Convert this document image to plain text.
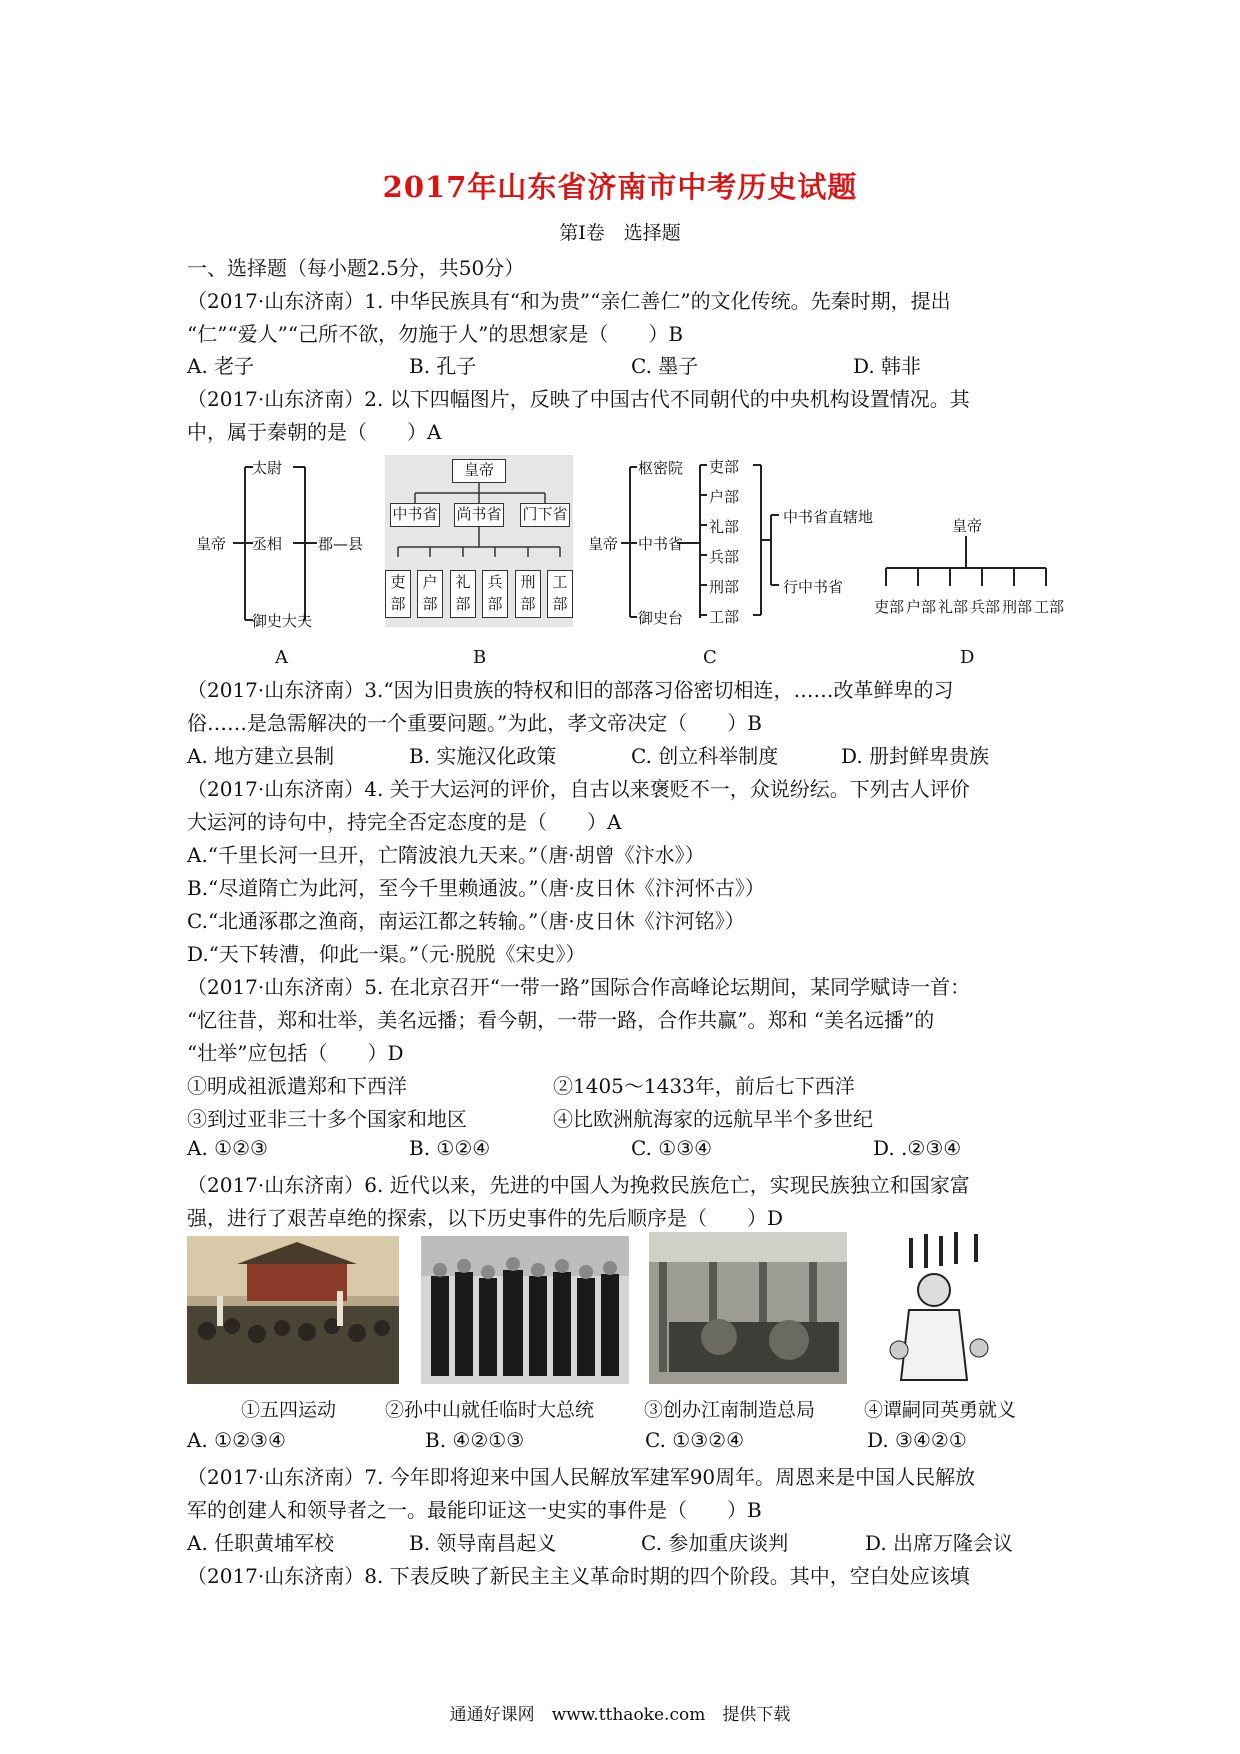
2017年山东省济南市中考历史试题
第Ⅰ卷　选择题
一、选择题（每小题2.5分，共50分）
（2017·山东济南）1. 中华民族具有“和为贵”“亲仁善仁”的文化传统。先秦时期，提出
“仁”“爱人”“己所不欲，勿施于人”的思想家是（　　）B
A. 老子	B. 孔子	C. 墨子	D. 韩非
（2017·山东济南）2. 以下四幅图片，反映了中国古代不同朝代的中央机构设置情况。其
中，属于秦朝的是（　　）A
皇帝
太尉
丞相
御史大夫
郡—县
A
皇帝
中书省 尚书省 门下省
吏部
户部
礼部
兵部
刑部
工部
B
皇帝
枢密院
中书省
御史台
吏部
户部
礼部
兵部
刑部
工部
中书省直辖地
行中书省
C
皇帝
吏部 户部 礼部 兵部 刑部 工部
D
（2017·山东济南）3.“因为旧贵族的特权和旧的部落习俗密切相连，……改革鲜卑的习
俗……是急需解决的一个重要问题。”为此，孝文帝决定（　　）B
A. 地方建立县制	B. 实施汉化政策	C. 创立科举制度	D. 册封鲜卑贵族
（2017·山东济南）4. 关于大运河的评价，自古以来褒贬不一，众说纷纭。下列古人评价
大运河的诗句中，持完全否定态度的是（　　）A
A.“千里长河一旦开，亡隋波浪九天来。”（唐·胡曾《汴水》）
B.“尽道隋亡为此河，至今千里赖通波。”（唐·皮日休《汴河怀古》）
C.“北通涿郡之渔商，南运江都之转输。”（唐·皮日休《汴河铭》）
D.“天下转漕，仰此一渠。”（元·脱脱《宋史》）
（2017·山东济南）5. 在北京召开“一带一路”国际合作高峰论坛期间，某同学赋诗一首：
“忆往昔，郑和壮举，美名远播；看今朝，一带一路，合作共赢”。郑和 “美名远播”的
“壮举”应包括（　　）D
①明成祖派遣郑和下西洋	②1405～1433年，前后七下西洋
③到过亚非三十多个国家和地区	④比欧洲航海家的远航早半个多世纪
A. ①②③	B. ①②④	C. ①③④	D. .②③④
（2017·山东济南）6. 近代以来，先进的中国人为挽救民族危亡，实现民族独立和国家富
强，进行了艰苦卓绝的探索，以下历史事件的先后顺序是（　　）D
①五四运动	②孙中山就任临时大总统	③创办江南制造总局	④谭嗣同英勇就义
A. ①②③④	B. ④②①③	C. ①③②④	D. ③④②①
（2017·山东济南）7. 今年即将迎来中国人民解放军建军90周年。周恩来是中国人民解放
军的创建人和领导者之一。最能印证这一史实的事件是（　　）B
A. 任职黄埔军校	B. 领导南昌起义	C. 参加重庆谈判	D. 出席万隆会议
（2017·山东济南）8. 下表反映了新民主主义革命时期的四个阶段。其中，空白处应该填
通通好课网　www.tthaoke.com　提供下载
